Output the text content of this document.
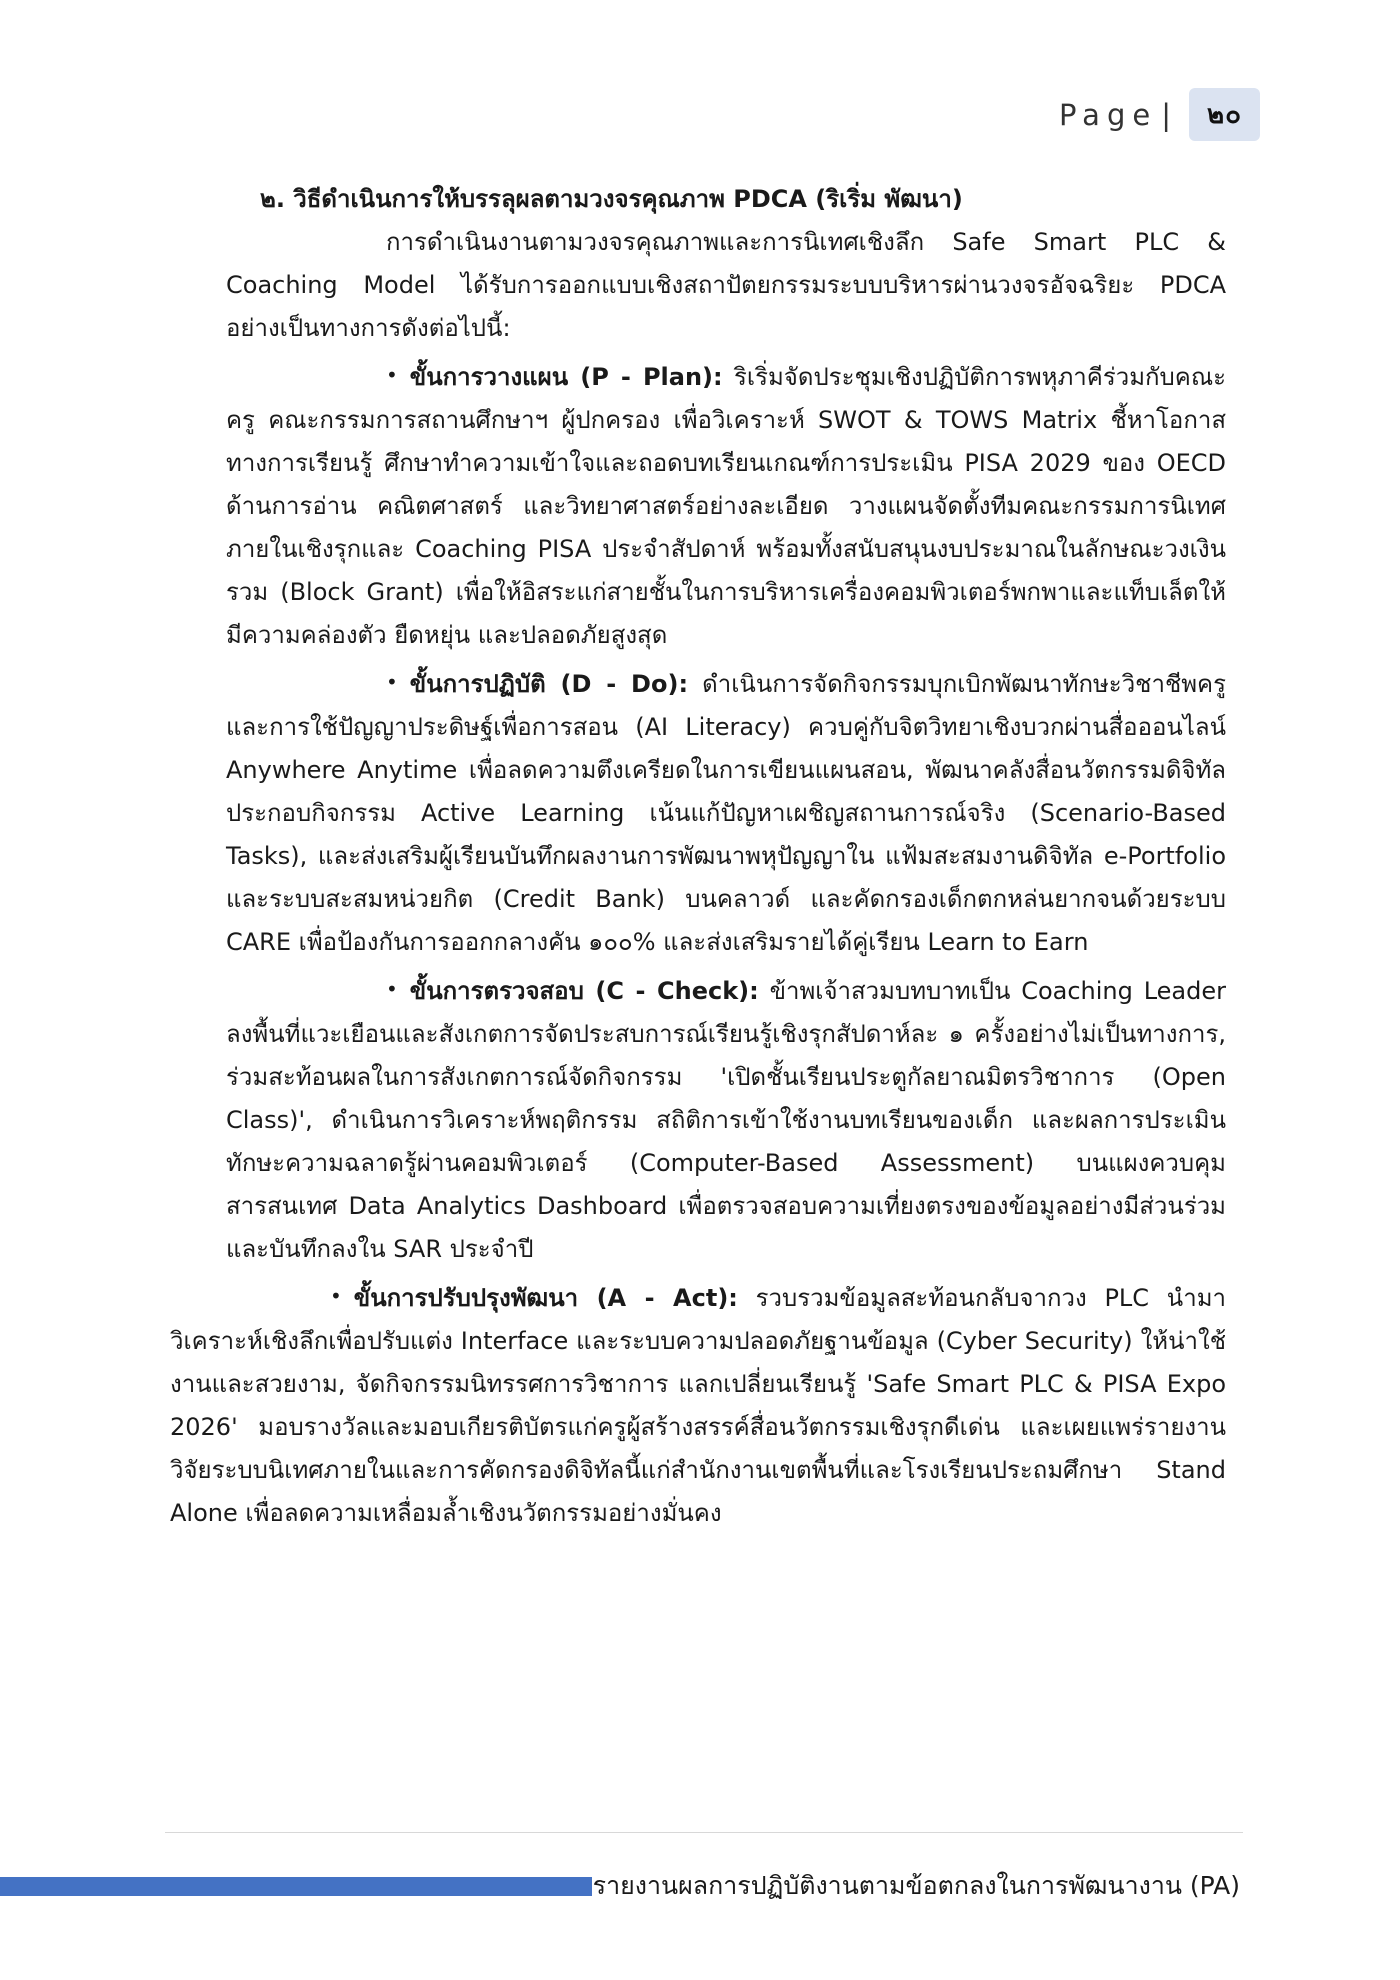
Page |	๒๐
๒. วิธีดำเนินการให้บรรลุผลตามวงจรคุณภาพ PDCA (ริเริ่ม พัฒนา)

การดำเนินงานตามวงจรคุณภาพและการนิเทศเชิงลึก Safe Smart PLC & Coaching Model ได้รับการออกแบบเชิงสถาปัตยกรรมระบบบริหารผ่านวงจรอัจฉริยะ PDCA อย่างเป็นทางการดังต่อไปนี้:

• ขั้นการวางแผน (P - Plan): ริเริ่มจัดประชุมเชิงปฏิบัติการพหุภาคีร่วมกับคณะครู คณะกรรมการสถานศึกษาฯ ผู้ปกครอง เพื่อวิเคราะห์ SWOT & TOWS Matrix ชี้หาโอกาสทางการเรียนรู้ ศึกษาทำความเข้าใจและถอดบทเรียนเกณฑ์การประเมิน PISA 2029 ของ OECD ด้านการอ่าน คณิตศาสตร์ และวิทยาศาสตร์อย่างละเอียด วางแผนจัดตั้งทีมคณะกรรมการนิเทศภายในเชิงรุกและ Coaching PISA ประจำสัปดาห์ พร้อมทั้งสนับสนุนงบประมาณในลักษณะวงเงินรวม (Block Grant) เพื่อให้อิสระแก่สายชั้นในการบริหารเครื่องคอมพิวเตอร์พกพาและแท็บเล็ตให้มีความคล่องตัว ยืดหยุ่น และปลอดภัยสูงสุด

• ขั้นการปฏิบัติ (D - Do): ดำเนินการจัดกิจกรรมบุกเบิกพัฒนาทักษะวิชาชีพครูและการใช้ปัญญาประดิษฐ์เพื่อการสอน (AI Literacy) ควบคู่กับจิตวิทยาเชิงบวกผ่านสื่อออนไลน์ Anywhere Anytime เพื่อลดความตึงเครียดในการเขียนแผนสอน, พัฒนาคลังสื่อนวัตกรรมดิจิทัลประกอบกิจกรรม Active Learning เน้นแก้ปัญหาเผชิญสถานการณ์จริง (Scenario-Based Tasks), และส่งเสริมผู้เรียนบันทึกผลงานการพัฒนาพหุปัญญาใน แฟ้มสะสมงานดิจิทัล e-Portfolio และระบบสะสมหน่วยกิต (Credit Bank) บนคลาวด์ และคัดกรองเด็กตกหล่นยากจนด้วยระบบ CARE เพื่อป้องกันการออกกลางคัน ๑๐๐% และส่งเสริมรายได้คู่เรียน Learn to Earn

• ขั้นการตรวจสอบ (C - Check): ข้าพเจ้าสวมบทบาทเป็น Coaching Leader ลงพื้นที่แวะเยือนและสังเกตการจัดประสบการณ์เรียนรู้เชิงรุกสัปดาห์ละ ๑ ครั้งอย่างไม่เป็นทางการ, ร่วมสะท้อนผลในการสังเกตการณ์จัดกิจกรรม 'เปิดชั้นเรียนประตูกัลยาณมิตรวิชาการ (Open Class)', ดำเนินการวิเคราะห์พฤติกรรม สถิติการเข้าใช้งานบทเรียนของเด็ก และผลการประเมินทักษะความฉลาดรู้ผ่านคอมพิวเตอร์ (Computer-Based Assessment) บนแผงควบคุมสารสนเทศ Data Analytics Dashboard เพื่อตรวจสอบความเที่ยงตรงของข้อมูลอย่างมีส่วนร่วมและบันทึกลงใน SAR ประจำปี

• ขั้นการปรับปรุงพัฒนา (A - Act): รวบรวมข้อมูลสะท้อนกลับจากวง PLC นำมาวิเคราะห์เชิงลึกเพื่อปรับแต่ง Interface และระบบความปลอดภัยฐานข้อมูล (Cyber Security) ให้น่าใช้งานและสวยงาม, จัดกิจกรรมนิทรรศการวิชาการ แลกเปลี่ยนเรียนรู้ 'Safe Smart PLC & PISA Expo 2026' มอบรางวัลและมอบเกียรติบัตรแก่ครูผู้สร้างสรรค์สื่อนวัตกรรมเชิงรุกดีเด่น และเผยแพร่รายงานวิจัยระบบนิเทศภายในและการคัดกรองดิจิทัลนี้แก่สำนักงานเขตพื้นที่และโรงเรียนประถมศึกษา Stand Alone เพื่อลดความเหลื่อมล้ำเชิงนวัตกรรมอย่างมั่นคง

รายงานผลการปฏิบัติงานตามข้อตกลงในการพัฒนางาน (PA)
